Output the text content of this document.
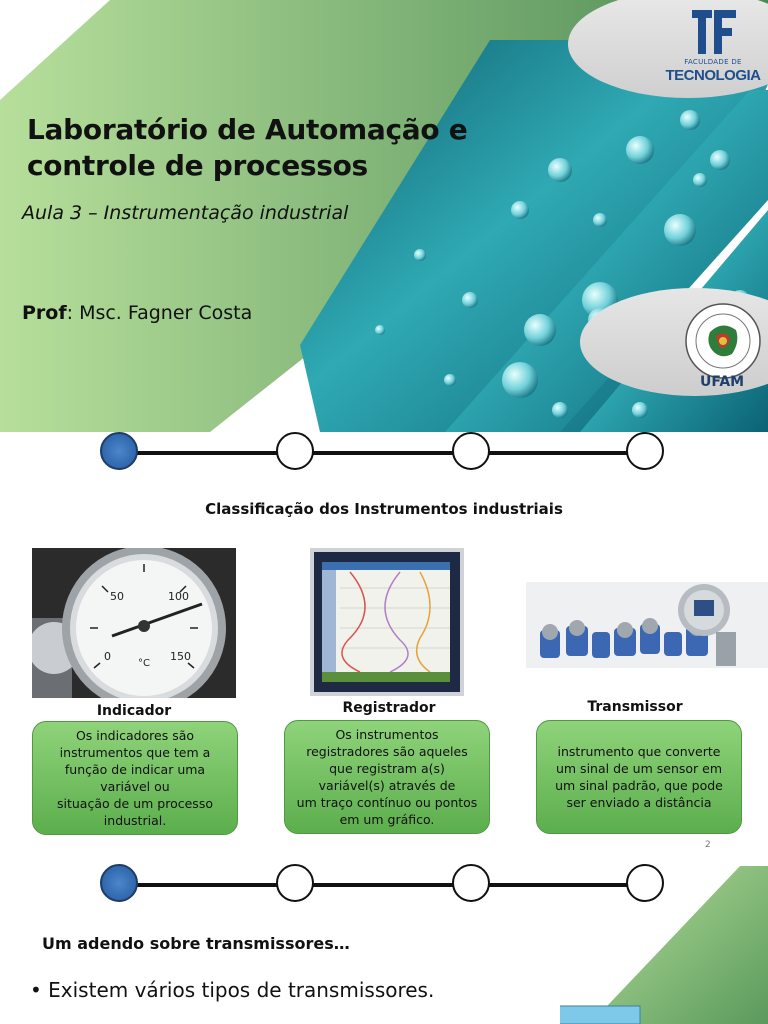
FACULDADE DE
TECNOLOGIA
UFAM
Laboratório de Automação e
controle de processos
Aula 3 – Instrumentação industrial
Prof: Msc. Fagner Costa
Classificação dos Instrumentos industriais
50	100
0	150
°C
Indicador
Os indicadores são
instrumentos que tem a
função de indicar uma
variável ou
situação de um processo
industrial.
Registrador
Os instrumentos
registradores são aqueles
que registram a(s)
variável(s) através de
um traço contínuo ou pontos
em um gráfico.
Transmissor
instrumento que converte
um sinal de um sensor em
um sinal padrão, que pode
ser enviado a distância
2
Um adendo sobre transmissores…
• Existem vários tipos de transmissores.
